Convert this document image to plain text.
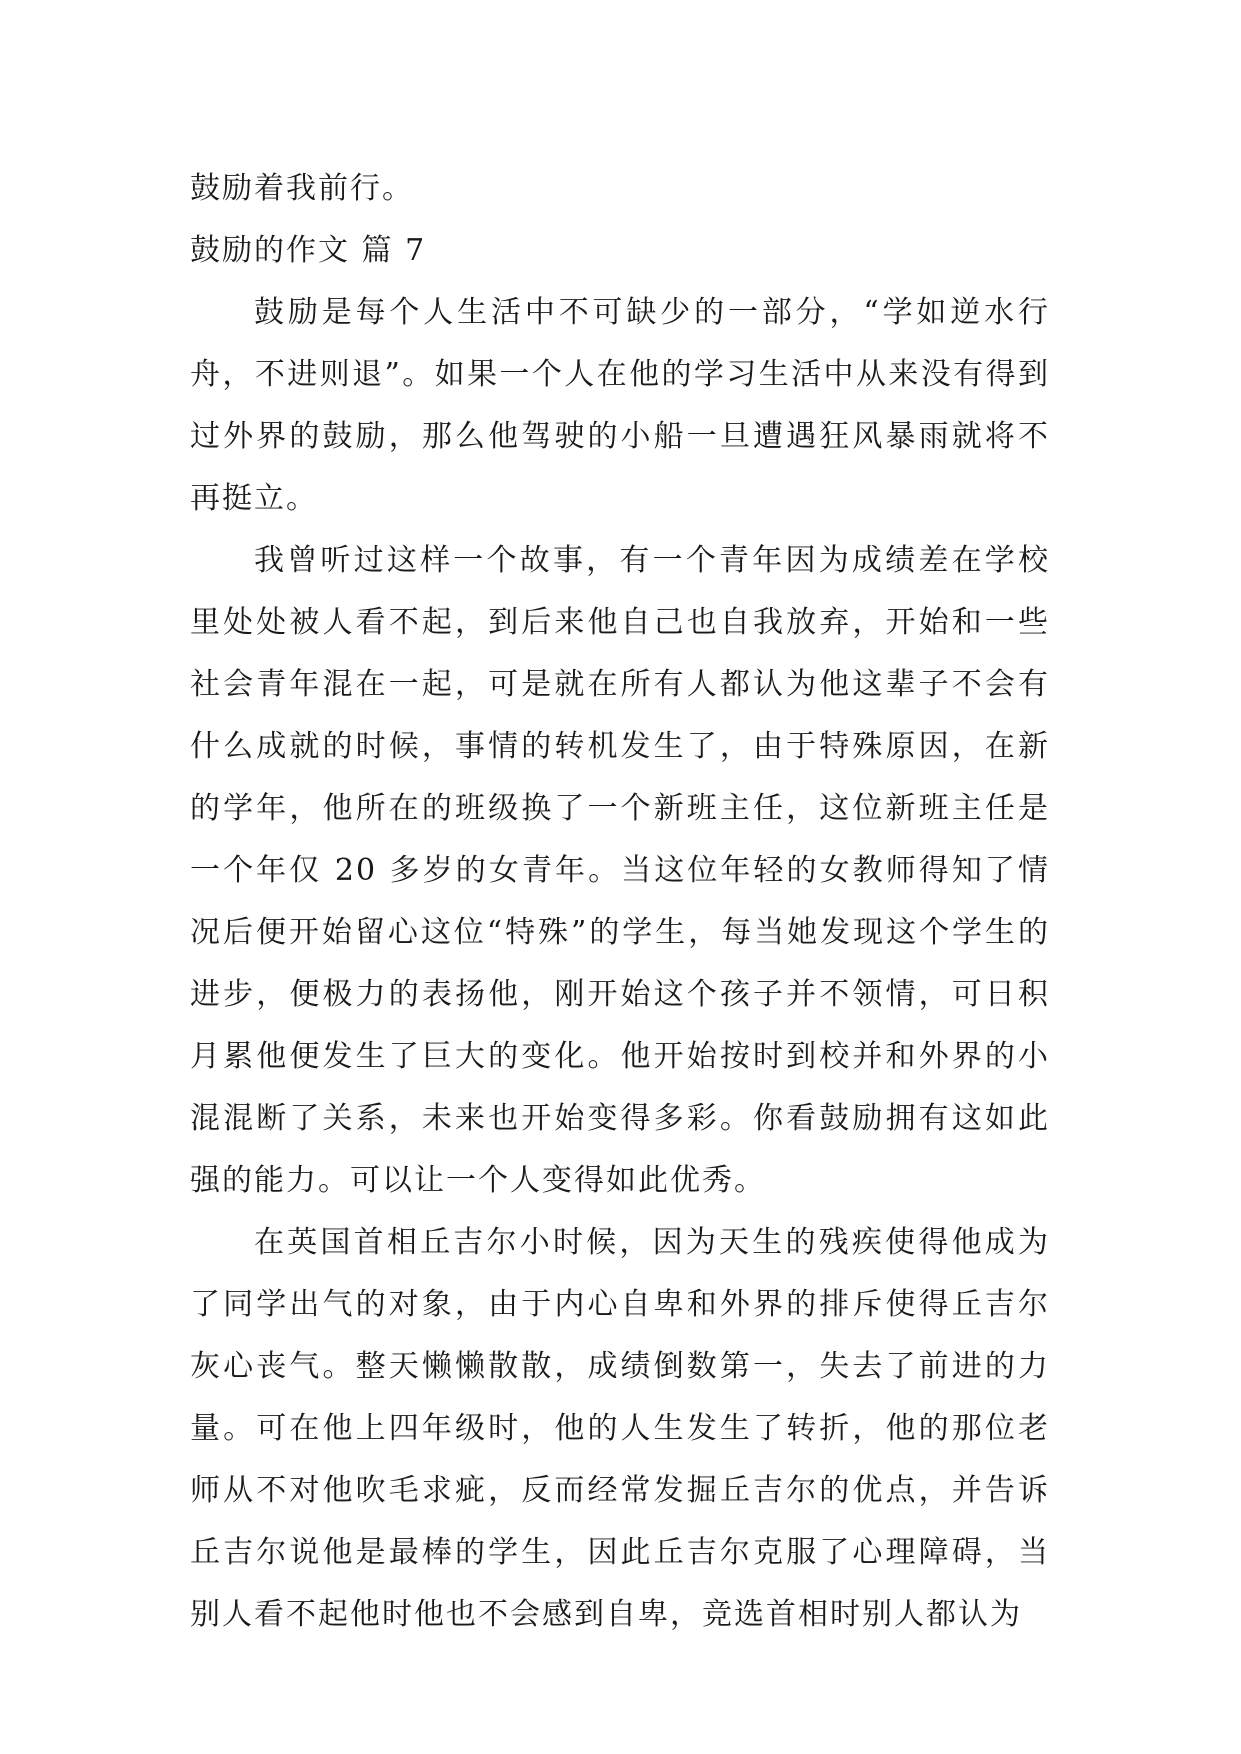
鼓励着我前行。

鼓励的作文 篇 7

鼓励是每个人生活中不可缺少的一部分，“学如逆水行舟，不进则退”。如果一个人在他的学习生活中从来没有得到过外界的鼓励，那么他驾驶的小船一旦遭遇狂风暴雨就将不再挺立。

我曾听过这样一个故事，有一个青年因为成绩差在学校里处处被人看不起，到后来他自己也自我放弃，开始和一些社会青年混在一起，可是就在所有人都认为他这辈子不会有什么成就的时候，事情的转机发生了，由于特殊原因，在新的学年，他所在的班级换了一个新班主任，这位新班主任是一个年仅 20 多岁的女青年。当这位年轻的女教师得知了情况后便开始留心这位“特殊”的学生，每当她发现这个学生的进步，便极力的表扬他，刚开始这个孩子并不领情，可日积月累他便发生了巨大的变化。他开始按时到校并和外界的小混混断了关系，未来也开始变得多彩。你看鼓励拥有这如此强的能力。可以让一个人变得如此优秀。

在英国首相丘吉尔小时候，因为天生的残疾使得他成为了同学出气的对象，由于内心自卑和外界的排斥使得丘吉尔灰心丧气。整天懒懒散散，成绩倒数第一，失去了前进的力量。可在他上四年级时，他的人生发生了转折，他的那位老师从不对他吹毛求疵，反而经常发掘丘吉尔的优点，并告诉丘吉尔说他是最棒的学生，因此丘吉尔克服了心理障碍，当别人看不起他时他也不会感到自卑，竞选首相时别人都认为
